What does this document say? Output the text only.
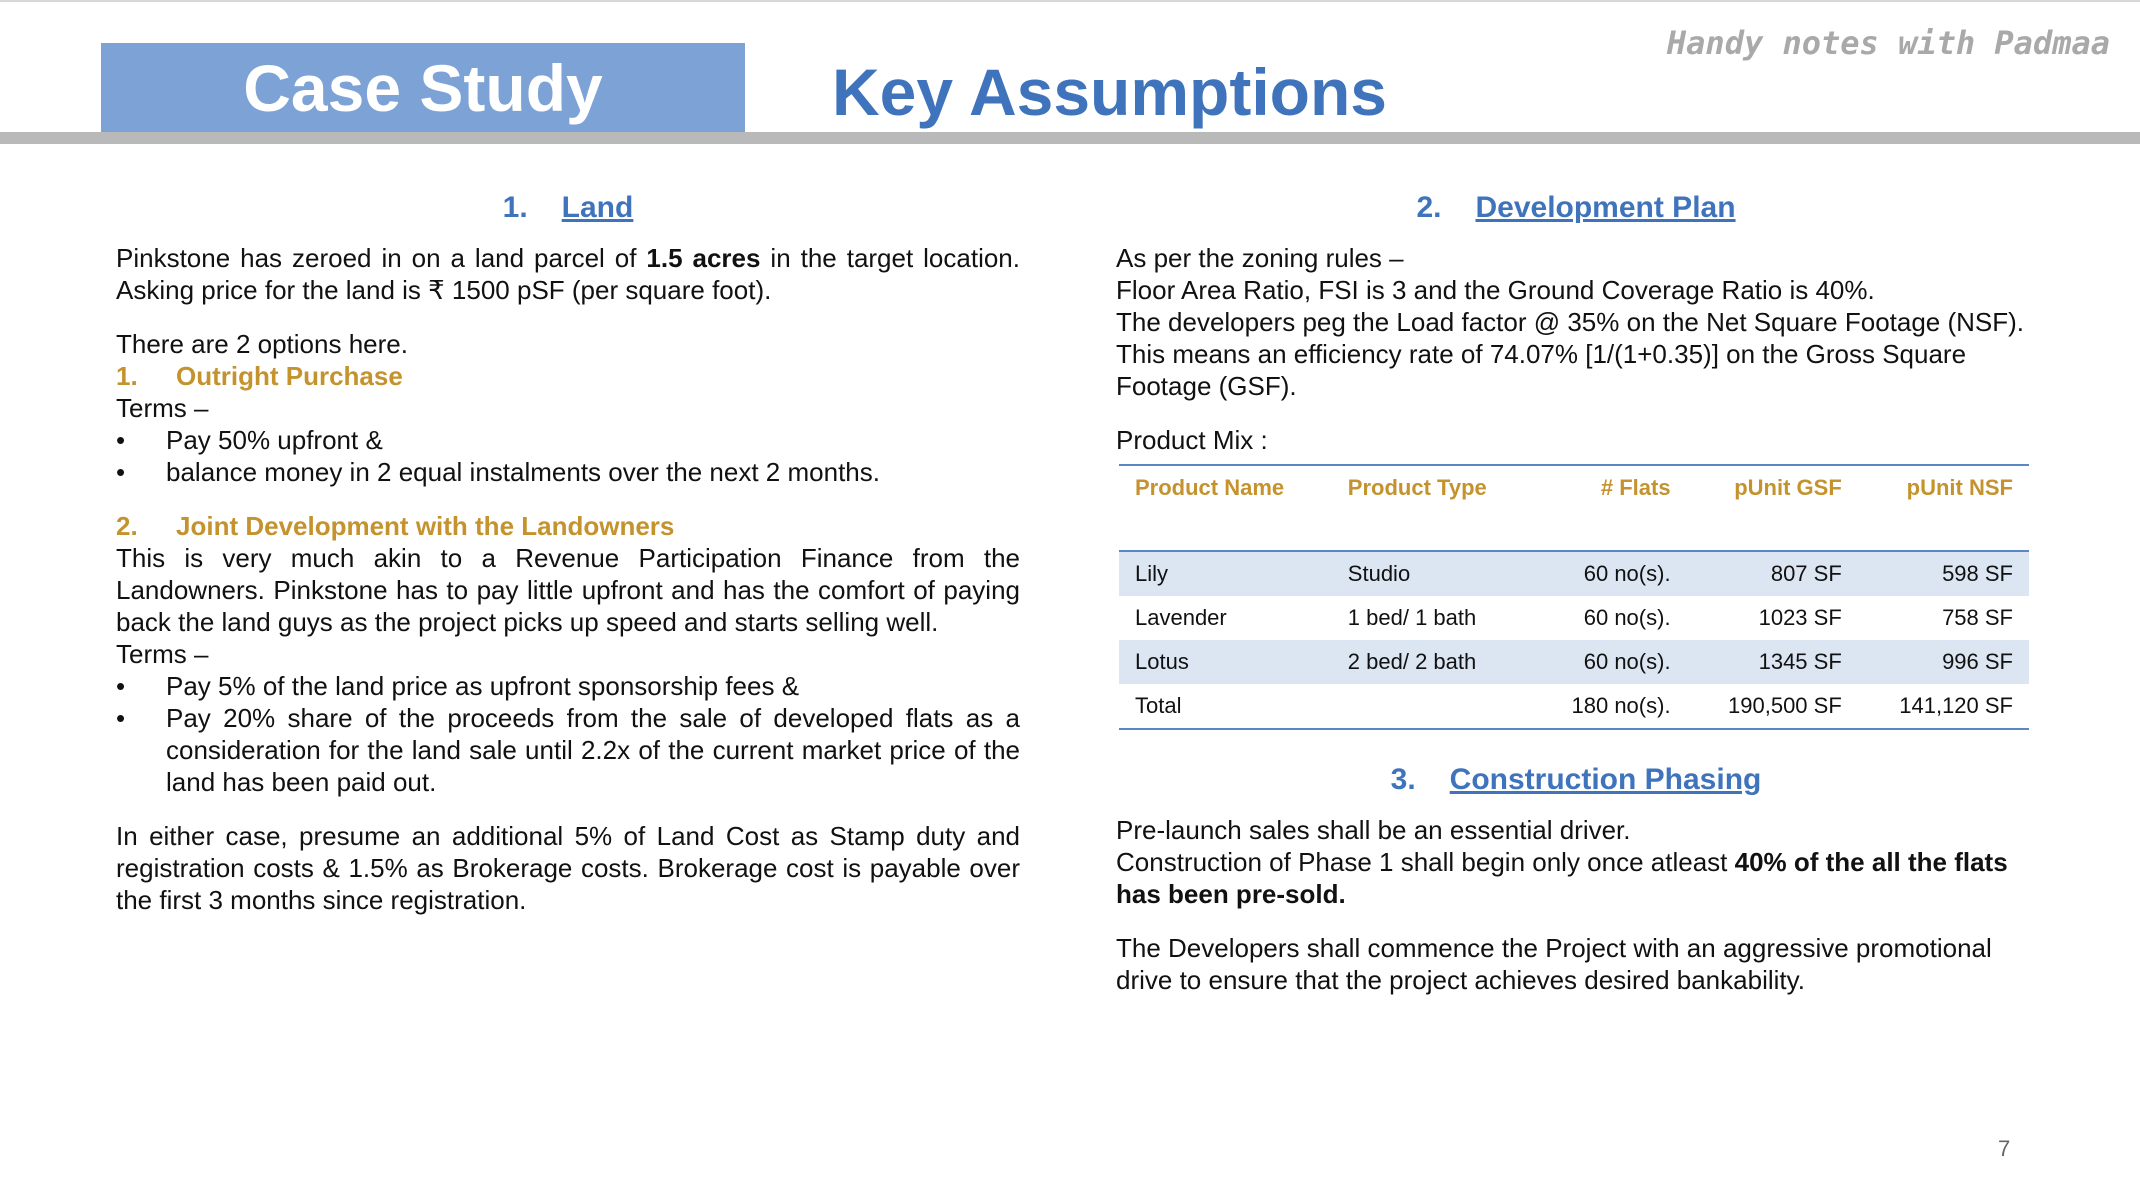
Case Study	Key Assumptions
Handy notes with Padmaa
1. Land

Pinkstone has zeroed in on a land parcel of 1.5 acres in the target location. Asking price for the land is ₹ 1500 pSF (per square foot).

There are 2 options here.

1.	Outright Purchase

Terms –

•	Pay 50% upfront &
•	balance money in 2 equal instalments over the next 2 months.
2.	Joint Development with the Landowners

This is very much akin to a Revenue Participation Finance from the Landowners. Pinkstone has to pay little upfront and has the comfort of paying back the land guys as the project picks up speed and starts selling well.

Terms –

•	Pay 5% of the land price as upfront sponsorship fees &
•	Pay 20% share of the proceeds from the sale of developed flats as a consideration for the land sale until 2.2x of the current market price of the land has been paid out.

In either case, presume an additional 5% of Land Cost as Stamp duty and registration costs & 1.5% as Brokerage costs. Brokerage cost is payable over the first 3 months since registration.

2. Development Plan

As per the zoning rules –

Floor Area Ratio, FSI is 3 and the Ground Coverage Ratio is 40%.

The developers peg the Load factor @ 35% on the Net Square Footage (NSF).

This means an efficiency rate of 74.07% [1/(1+0.35)] on the Gross Square Footage (GSF).

Product Mix :

Product Name	Product Type	# Flats	pUnit GSF	pUnit NSF
Lily	Studio	60 no(s).	807 SF	598 SF
Lavender	1 bed/ 1 bath	60 no(s).	1023 SF	758 SF
Lotus	2 bed/ 2 bath	60 no(s).	1345 SF	996 SF
Total		180 no(s).	190,500 SF	141,120 SF
3. Construction Phasing

Pre-launch sales shall be an essential driver.

Construction of Phase 1 shall begin only once atleast 40% of the all the flats has been pre-sold.

The Developers shall commence the Project with an aggressive promotional drive to ensure that the project achieves desired bankability.

7
